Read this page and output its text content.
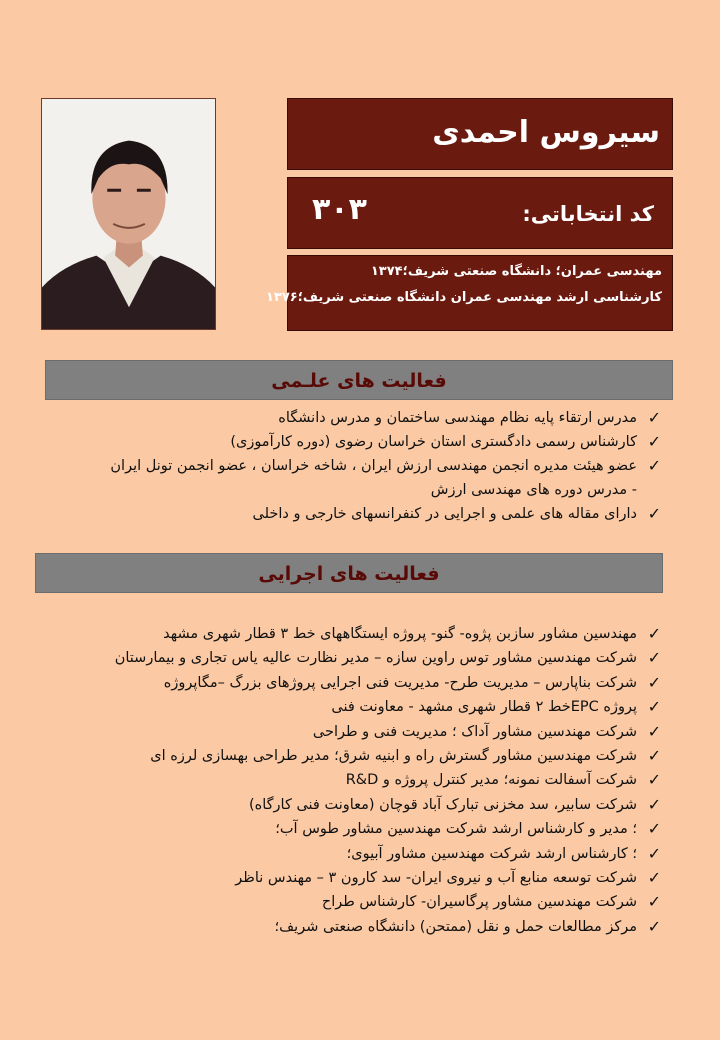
سیروس احمدی
کد انتخاباتی:
۳۰۳
مهندسی عمران؛ دانشگاه صنعتی شریف؛۱۳۷۴
کارشناسی ارشد مهندسی عمران دانشگاه صنعتی شریف؛۱۳۷۶
فعالیت های علـمی
✓
مدرس ارتقاء پایه نظام مهندسی ساختمان و مدرس دانشگاه
✓
کارشناس رسمی دادگستری استان خراسان رضوی (دوره کارآموزی)
✓
عضو هیئت مدیره انجمن مهندسی ارزش ایران ، شاخه خراسان ، عضو انجمن تونل ایران
- مدرس دوره های مهندسی ارزش
✓
دارای مقاله های علمی و اجرایی در کنفرانسهای خارجی و داخلی
فعالیت های اجرایی
✓
مهندسین مشاور سازبن پژوه- گنو- پروژه ایستگاههای خط ۳ قطار شهری مشهد
✓
شرکت مهندسین مشاور توس راوین سازه – مدیر نظارت عالیه یاس تجاری و بیمارستان
✓
شرکت بناپارس – مدیریت طرح- مدیریت فنی اجرایی پروژهای بزرگ –مگاپروژه
✓
پروژه EPCخط ۲ قطار شهری مشهد - معاونت فنی
✓
شرکت مهندسین مشاور آداک ؛ مدیریت فنی و طراحی
✓
شرکت مهندسین مشاور گسترش راه و ابنیه شرق؛ مدیر طراحی بهسازی لرزه ای
✓
شرکت آسفالت نمونه؛ مدیر کنترل پروژه و R&D
✓
شرکت سابیر، سد مخزنی تبارک آباد قوچان (معاونت فنی کارگاه)
✓
؛ مدیر و کارشناس ارشد شرکت مهندسین مشاور طوس آب؛
✓
؛ کارشناس ارشد شرکت مهندسین مشاور آبیوی؛
✓
شرکت توسعه منابع آب و نیروی ایران- سد کارون ۳ – مهندس ناظر
✓
شرکت مهندسین مشاور پرگاسیران- کارشناس طراح
✓
مرکز مطالعات حمل و نقل (ممتحن) دانشگاه صنعتی شریف؛
